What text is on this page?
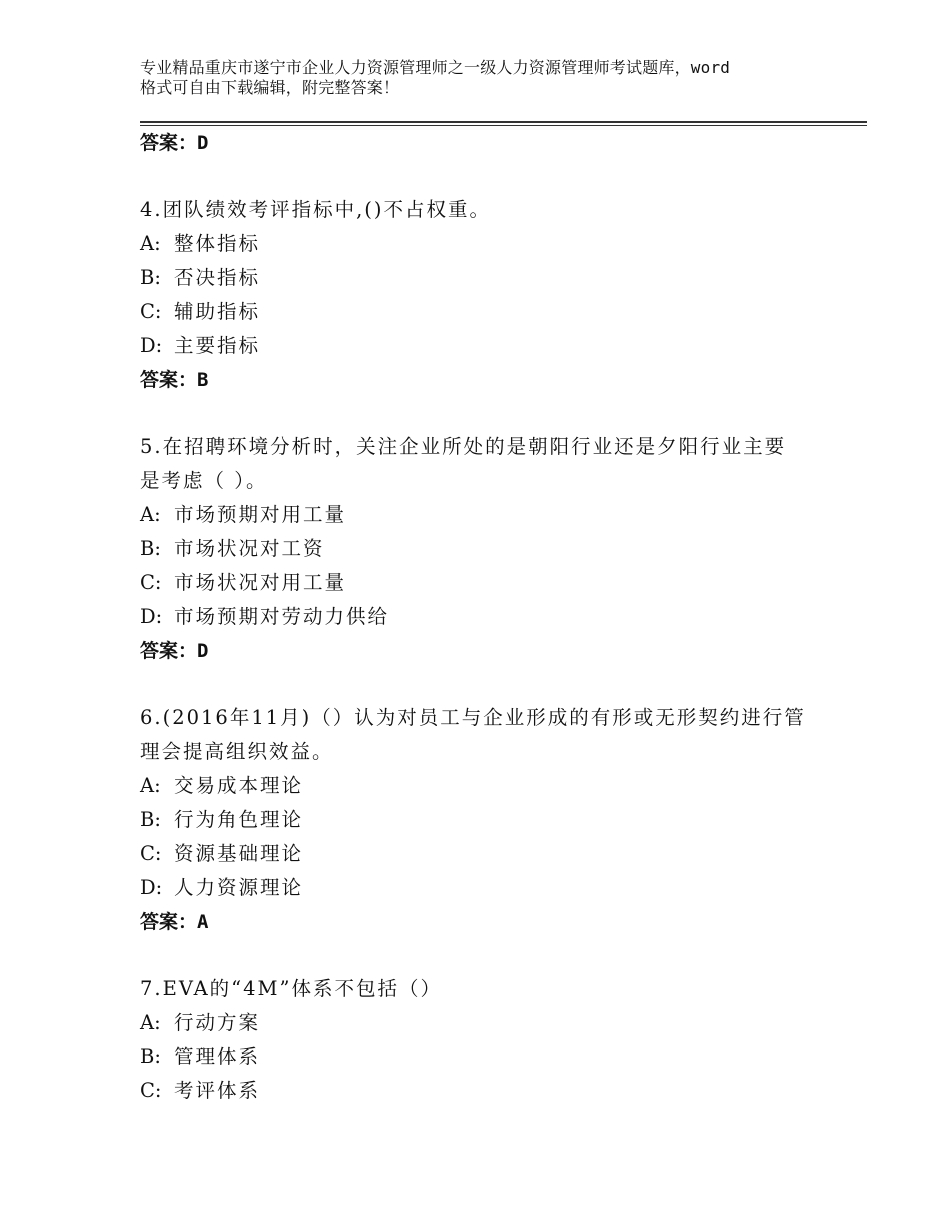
专业精品重庆市遂宁市企业人力资源管理师之一级人力资源管理师考试题库，word
格式可自由下载编辑，附完整答案！
答案：D
4.团队绩效考评指标中,()不占权重。
A: 整体指标
B: 否决指标
C: 辅助指标
D: 主要指标
答案：B
5.在招聘环境分析时，关注企业所处的是朝阳行业还是夕阳行业主要
是考虑（ ）。
A: 市场预期对用工量
B: 市场状况对工资
C: 市场状况对用工量
D: 市场预期对劳动力供给
答案：D
6.(2016年11月)（）认为对员工与企业形成的有形或无形契约进行管
理会提高组织效益。
A: 交易成本理论
B: 行为角色理论
C: 资源基础理论
D: 人力资源理论
答案：A
7.EVA的“4M”体系不包括（）
A: 行动方案
B: 管理体系
C: 考评体系
